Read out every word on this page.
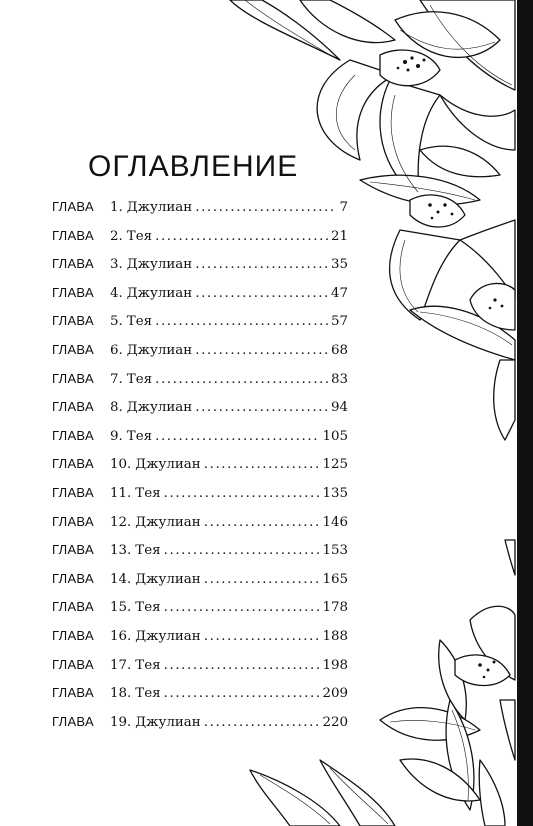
ОГЛАВЛЕНИЕ
ГЛАВА	1. Джулиан .....	7
ГЛАВА	2. Тея .....	21
ГЛАВА	3. Джулиан .....	35
ГЛАВА	4. Джулиан .....	47
ГЛАВА	5. Тея .....	57
ГЛАВА	6. Джулиан .....	68
ГЛАВА	7. Тея .....	83
ГЛАВА	8. Джулиан .....	94
ГЛАВА	9. Тея .....	105
ГЛАВА	10. Джулиан .....	125
ГЛАВА	11. Тея .....	135
ГЛАВА	12. Джулиан .....	146
ГЛАВА	13. Тея .....	153
ГЛАВА	14. Джулиан .....	165
ГЛАВА	15. Тея .....	178
ГЛАВА	16. Джулиан .....	188
ГЛАВА	17. Тея .....	198
ГЛАВА	18. Тея .....	209
ГЛАВА	19. Джулиан .....	220
